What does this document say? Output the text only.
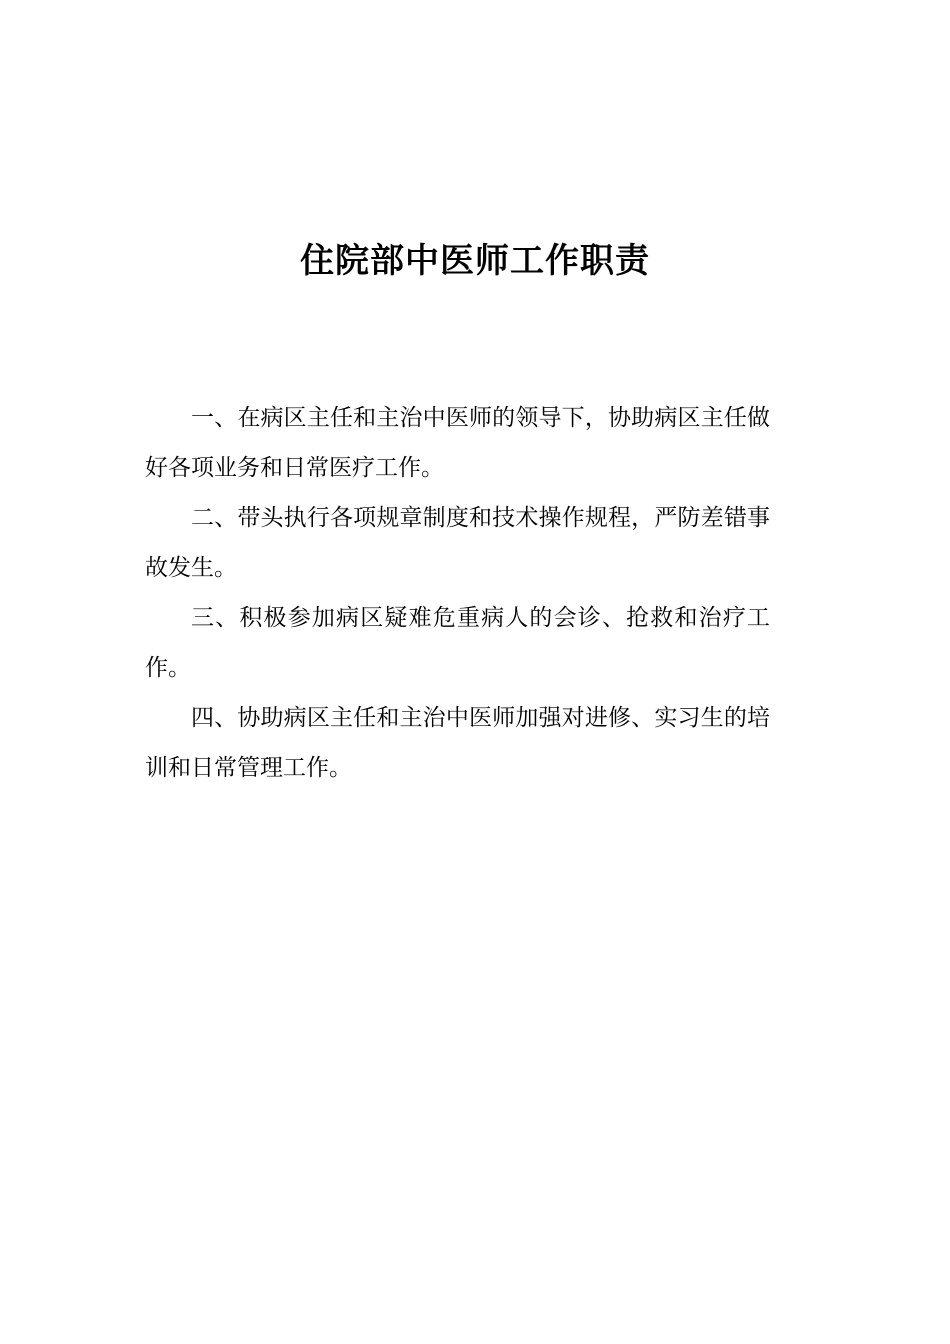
住院部中医师工作职责

一、在病区主任和主治中医师的领导下，协助病区主任做好各项业务和日常医疗工作。

二、带头执行各项规章制度和技术操作规程，严防差错事故发生。

三、积极参加病区疑难危重病人的会诊、抢救和治疗工作。

四、协助病区主任和主治中医师加强对进修、实习生的培训和日常管理工作。
